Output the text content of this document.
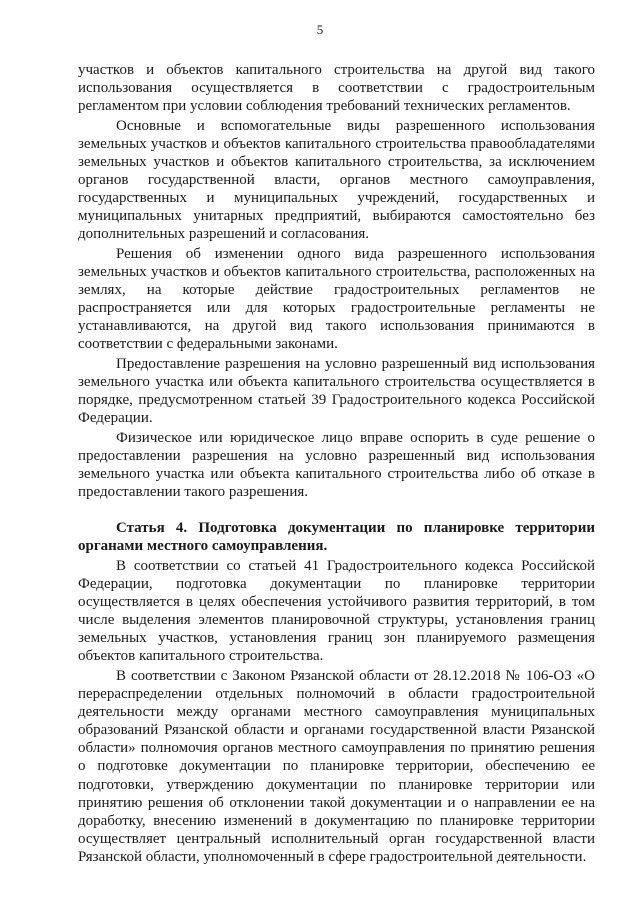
5

участков и объектов капитального строительства на другой вид такого использования осуществляется в соответствии с градостроительным регламентом при условии соблюдения требований технических регламентов.

Основные и вспомогательные виды разрешенного использования земельных участков и объектов капитального строительства правообладателями земельных участков и объектов капитального строительства, за исключением органов государственной власти, органов местного самоуправления, государственных и муниципальных учреждений, государственных и муниципальных унитарных предприятий, выбираются самостоятельно без дополнительных разрешений и согласования.

Решения об изменении одного вида разрешенного использования земельных участков и объектов капитального строительства, расположенных на землях, на которые действие градостроительных регламентов не распространяется или для которых градостроительные регламенты не устанавливаются, на другой вид такого использования принимаются в соответствии с федеральными законами.

Предоставление разрешения на условно разрешенный вид использования земельного участка или объекта капитального строительства осуществляется в порядке, предусмотренном статьей 39 Градостроительного кодекса Российской Федерации.

Физическое или юридическое лицо вправе оспорить в суде решение о предоставлении разрешения на условно разрешенный вид использования земельного участка или объекта капитального строительства либо об отказе в предоставлении такого разрешения.

Статья 4. Подготовка документации по планировке территории органами местного самоуправления.

В соответствии со статьей 41 Градостроительного кодекса Российской Федерации, подготовка документации по планировке территории осуществляется в целях обеспечения устойчивого развития территорий, в том числе выделения элементов планировочной структуры, установления границ земельных участков, установления границ зон планируемого размещения объектов капитального строительства.

В соответствии с Законом Рязанской области от 28.12.2018 № 106-ОЗ «О перераспределении отдельных полномочий в области градостроительной деятельности между органами местного самоуправления муниципальных образований Рязанской области и органами государственной власти Рязанской области» полномочия органов местного самоуправления по принятию решения о подготовке документации по планировке территории, обеспечению ее подготовки, утверждению документации по планировке территории или принятию решения об отклонении такой документации и о направлении ее на доработку, внесению изменений в документацию по планировке территории осуществляет центральный исполнительный орган государственной власти Рязанской области, уполномоченный в сфере градостроительной деятельности.
